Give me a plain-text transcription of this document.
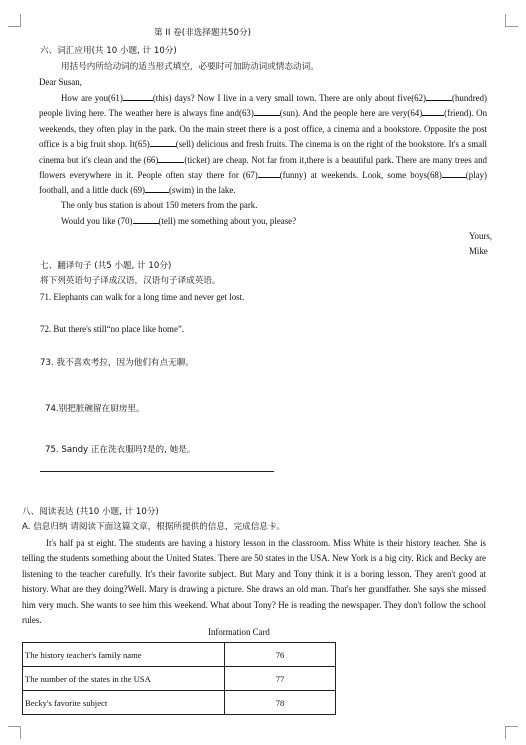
第 II 卷(非选择题共50分)
六、词汇应用(共 10 小题, 计 10分)
用括号内所给动词的适当形式填空，必要时可加助动词或情态动词。
Dear Susan,
How are you(61)	(this) days? Now I live in a very small town. There are only about five(62)	(hundred) people living here. The weather here is always fine and(63)	(sun). And the people here are very(64) (friend). On weekends, they often play in the park. On the main street there is a post office, a cinema and a bookstore. Opposite the post office is a big fruit shop. It(65)	(sell) delicious and fresh fruits. The cinema is on the right of the bookstore. It's a small cinema but it's clean and the (66)	(ticket) are cheap. Not far from it,there is a beautiful park. There are many trees and flowers everywhere in it. People often stay there for (67) (funny) at weekends. Look, some boys(68)	(play) football, and a little duck (69)	(swim) in the lake.
The only bus station is about 150 meters from the park.
Would you like (70)	(tell) me something about you, please?
Yours,
Mike
七、翻译句子 (共5 小题, 计 10分)
将下列英语句子译成汉语，汉语句子译成英语。
71. Elephants can walk for a long time and never get lost.
72. But there's still“no place like home”.
73. 我不喜欢考拉，因为他们有点无聊。
74.别把脏碗留在厨房里。
75. Sandy 正在洗衣服吗?是的, 她是。
八、阅读表达 (共10 小题, 计 10分)
A. 信息归纳 请阅读下面这篇文章，根据所提供的信息，完成信息卡。
It's half pa st eight. The students are having a history lesson in the classroom. Miss White is their history teacher. She is telling the students something about the United States. There are 50 states in the USA. New York is a big city. Rick and Becky are listening to the teacher carefully. It's their favorite subject. But Mary and Tony think it is a boring lesson. They aren't good at history. What are they doing?Well. Mary is drawing a picture. She draws an old man. That's her grandfather. She says she missed him very much. She wants to see him this weekend. What about Tony? He is reading the newspaper. They don't follow the school rules.
Information Card
The history teacher's family name	76
The number of the states in the USA	77
Becky's favorite subject	78
